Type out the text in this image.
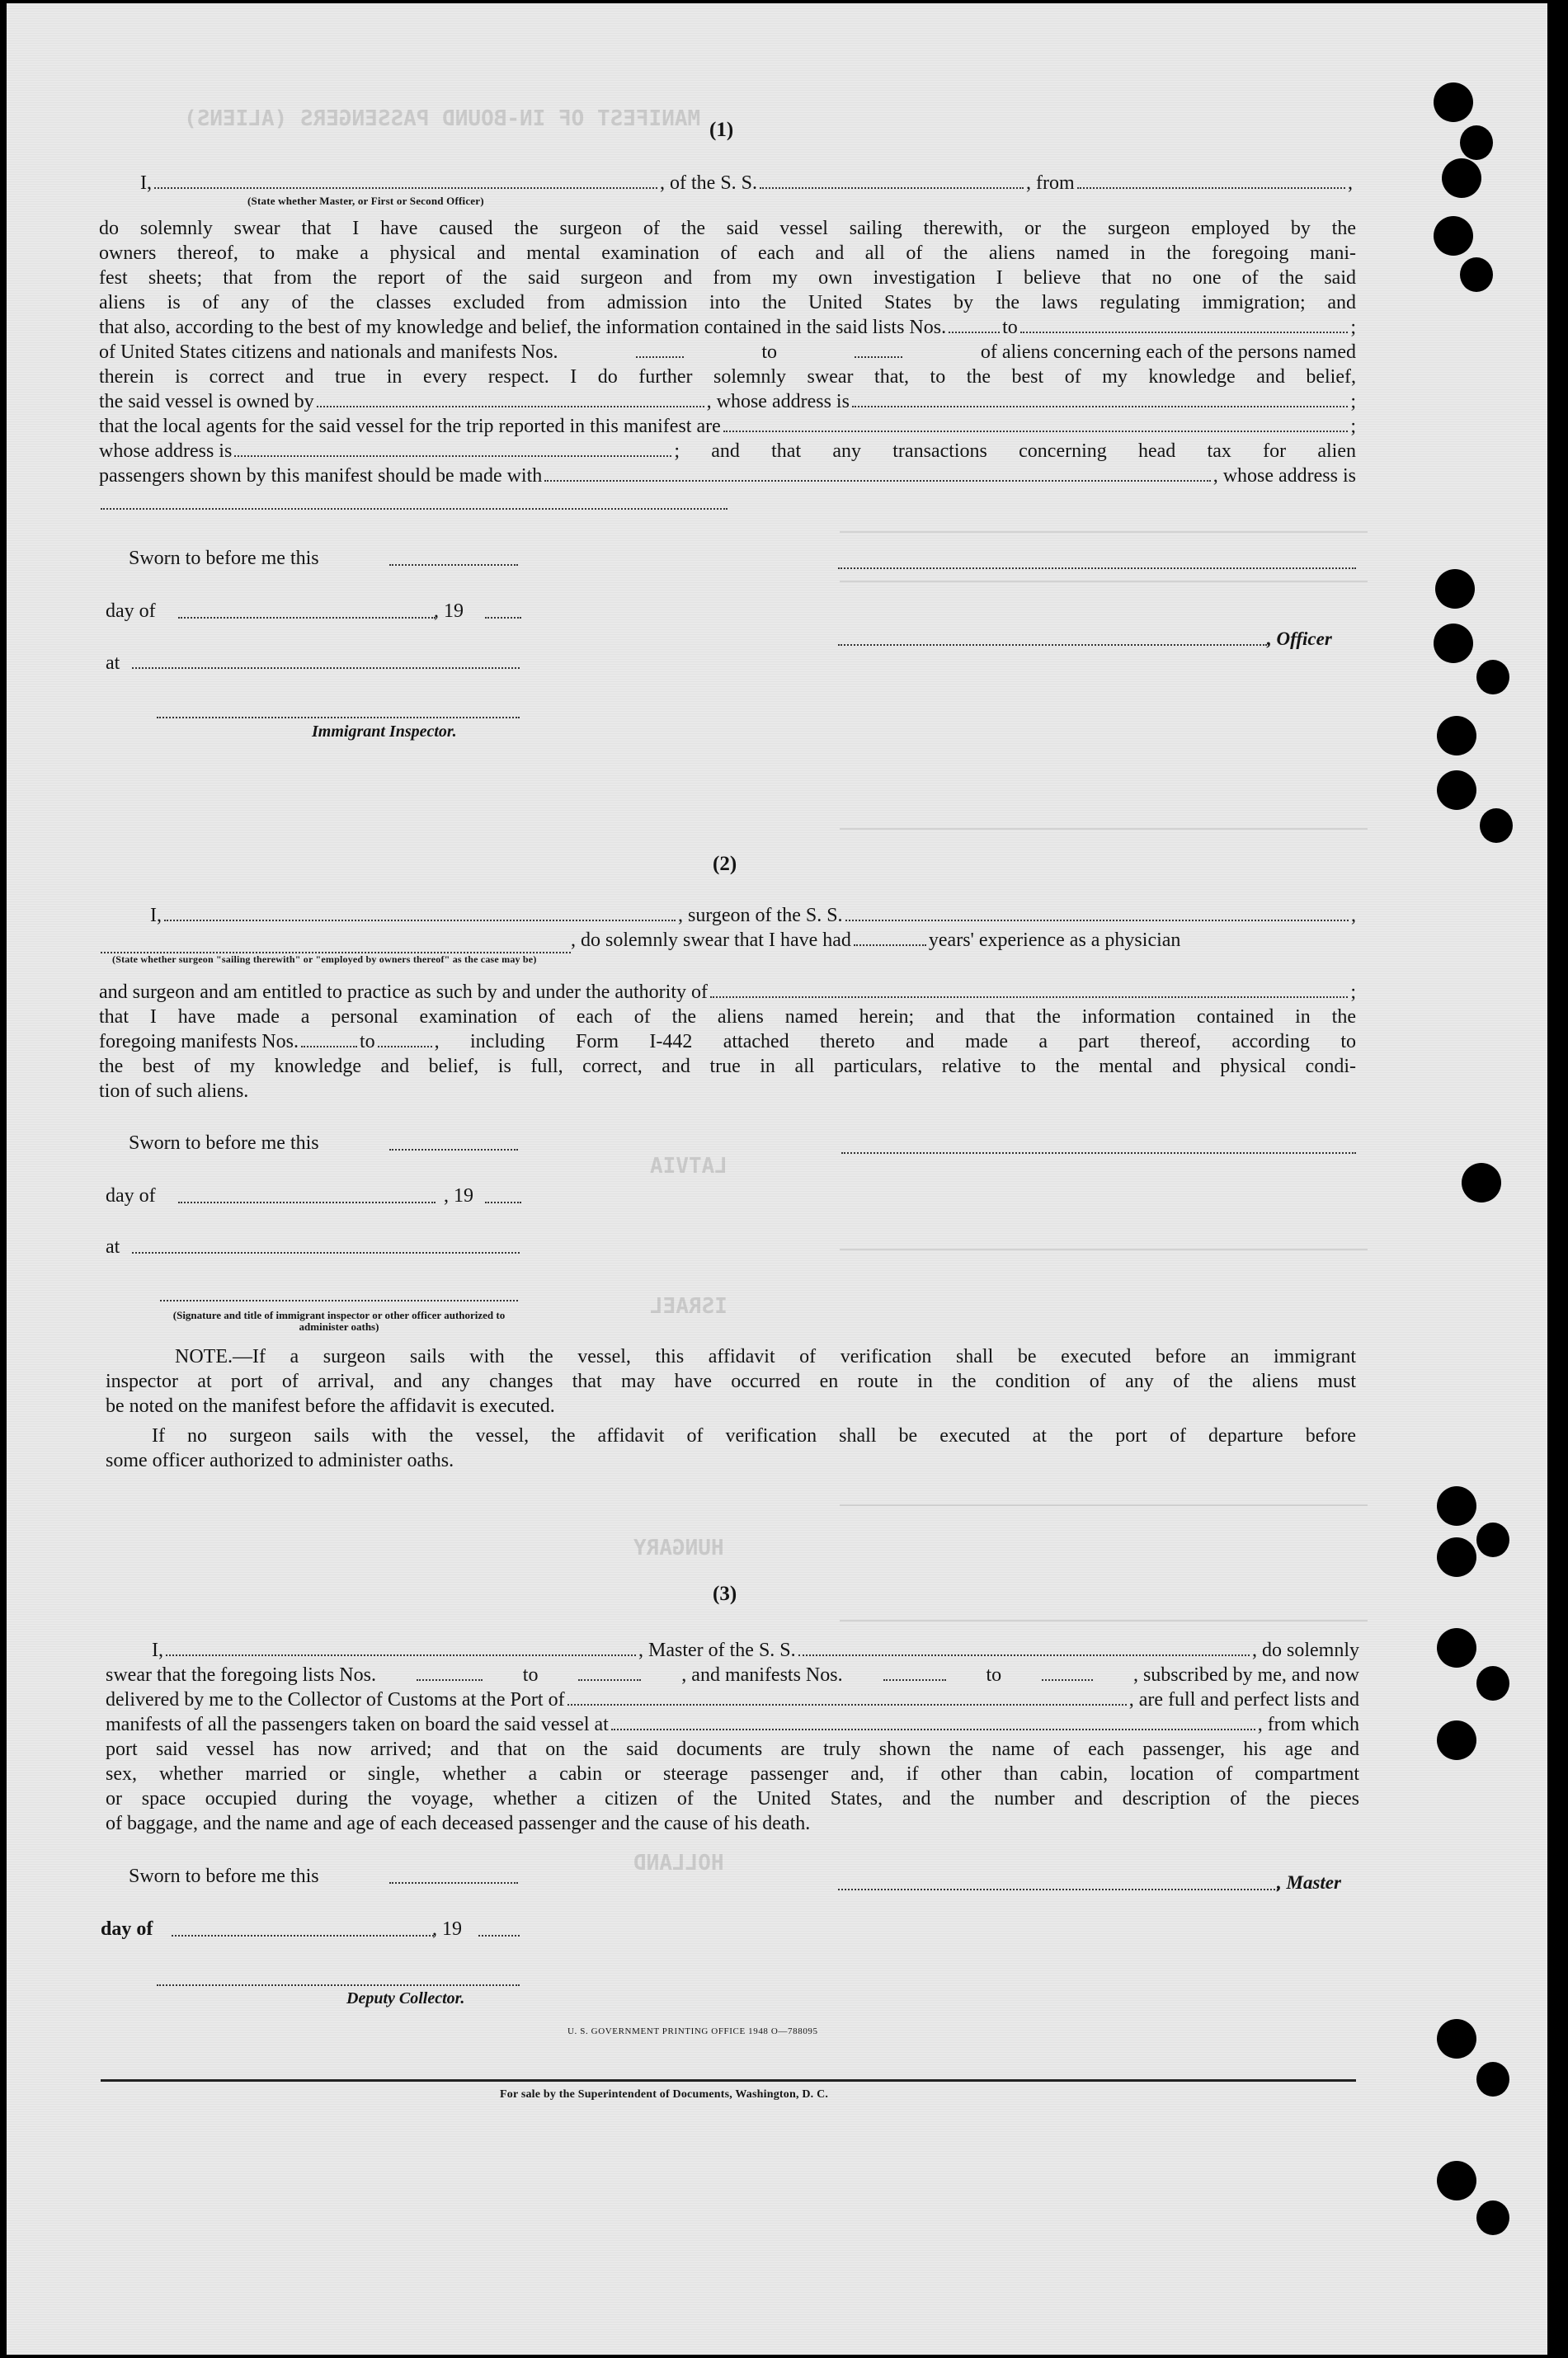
MANIFEST OF IN-BOUND PASSENGERS (ALIENS)
LATVIA
ISRAEL
HUNGARY
HOLLAND
(1)
I,	, of the S. S.	, from	,
(State whether Master, or First or Second Officer)
do solemnly swear that I have caused the surgeon of the said vessel sailing therewith, or the surgeon employed by the
owners thereof, to make a physical and mental examination of each and all of the aliens named in the foregoing mani-
fest sheets; that from the report of the said surgeon and from my own investigation I believe that no one of the said
aliens is of any of the classes excluded from admission into the United States by the laws regulating immigration; and
that also, according to the best of my knowledge and belief, the information contained in the said lists Nos.	to	;
of United States citizens and nationals and manifests Nos.	to	of aliens concerning each of the persons named
therein is correct and true in every respect. I do further solemnly swear that, to the best of my knowledge and belief,
the said vessel is owned by	, whose address is	;
that the local agents for the said vessel for the trip reported in this manifest are	;
whose address is	; and that any transactions concerning head tax for alien
passengers shown by this manifest should be made with	, whose address is
Sworn to before me this
day of	, 19
at
Immigrant Inspector.
, Officer
(2)
I,	, surgeon of the S. S.	,
, do solemnly swear that I have had	years' experience as a physician
(State whether surgeon "sailing therewith" or "employed by owners thereof" as the case may be)
and surgeon and am entitled to practice as such by and under the authority of	;
that I have made a personal examination of each of the aliens named herein; and that the information contained in the
foregoing manifests Nos.	to	, including Form I-442 attached thereto and made a part thereof, according to
the best of my knowledge and belief, is full, correct, and true in all particulars, relative to the mental and physical condi-
tion of such aliens.
Sworn to before me this
day of	, 19
at
(Signature and title of immigrant inspector or other officer authorized to administer oaths)
NOTE.—If a surgeon sails with the vessel, this affidavit of verification shall be executed before an immigrant
inspector at port of arrival, and any changes that may have occurred en route in the condition of any of the aliens must
be noted on the manifest before the affidavit is executed.
If no surgeon sails with the vessel, the affidavit of verification shall be executed at the port of departure before
some officer authorized to administer oaths.
(3)
I,	, Master of the S. S.	, do solemnly
swear that the foregoing lists Nos.	to	, and manifests Nos.	to	, subscribed by me, and now
delivered by me to the Collector of Customs at the Port of	, are full and perfect lists and
manifests of all the passengers taken on board the said vessel at	, from which
port said vessel has now arrived; and that on the said documents are truly shown the name of each passenger, his age and
sex, whether married or single, whether a cabin or steerage passenger and, if other than cabin, location of compartment
or space occupied during the voyage, whether a citizen of the United States, and the number and description of the pieces
of baggage, and the name and age of each deceased passenger and the cause of his death.
Sworn to before me this
day of	, 19
Deputy Collector.
, Master
U. S. GOVERNMENT PRINTING OFFICE 1948 O—788095
For sale by the Superintendent of Documents, Washington, D. C.
